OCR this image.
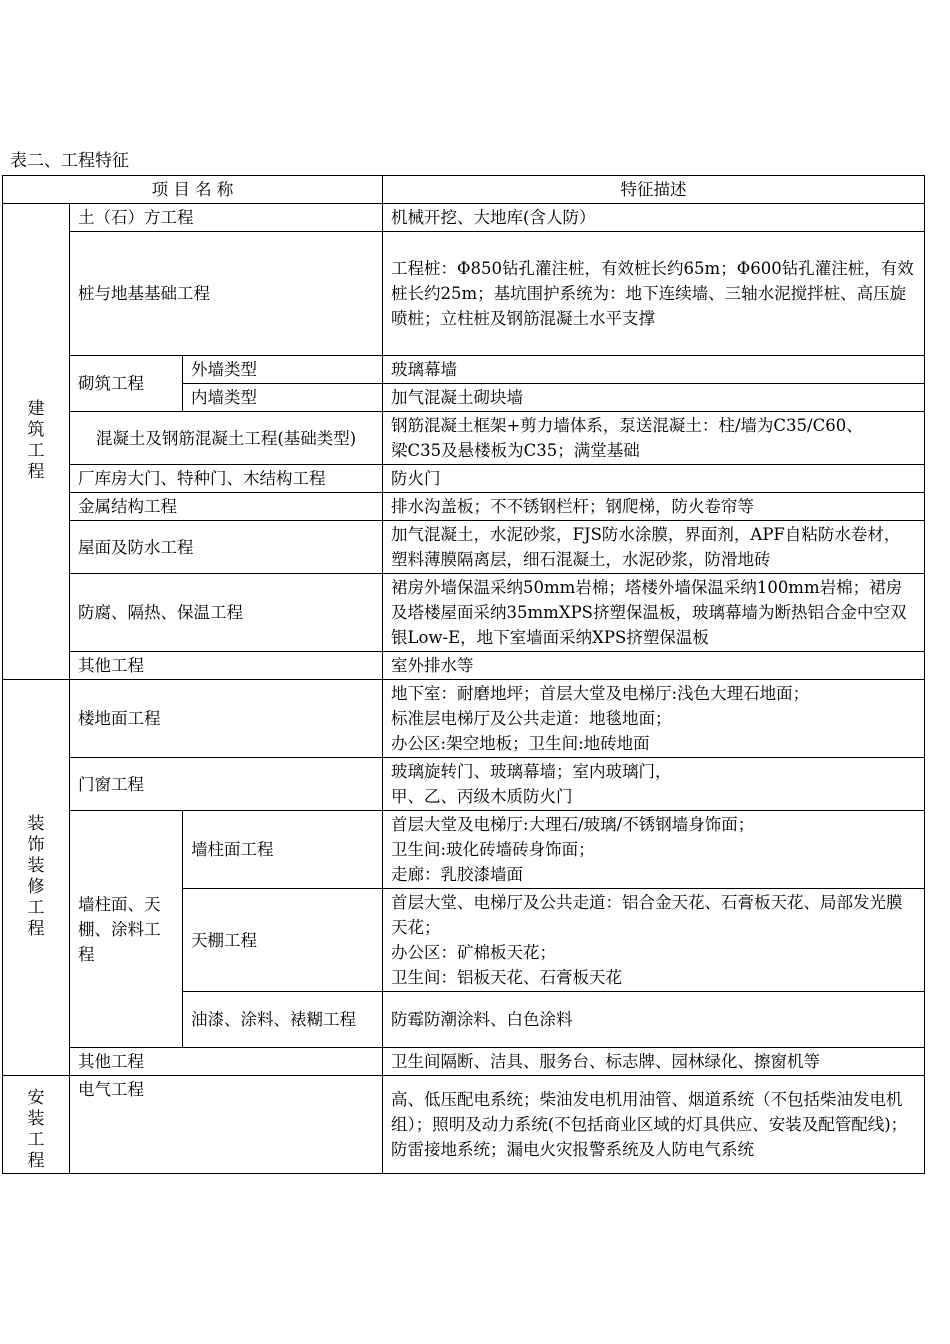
表二、工程特征
项 目 名 称			特征描述
建筑工程	土（石）方工程		机械开挖、大地库(含人防）
	桩与地基基础工程		工程桩：Φ850钻孔灌注桩，有效桩长约65m；Φ600钻孔灌注桩，有效桩长约25m；基坑围护系统为：地下连续墙、三轴水泥搅拌桩、高压旋喷桩；立柱桩及钢筋混凝土水平支撑
	砌筑工程	外墙类型	玻璃幕墙
		内墙类型	加气混凝土砌块墙
	混凝土及钢筋混凝土工程(基础类型)		钢筋混凝土框架+剪力墙体系，泵送混凝土：柱/墙为C35/C60、
梁C35及悬楼板为C35；满堂基础

	厂库房大门、特种门、木结构工程		防火门
	金属结构工程		排水沟盖板；不不锈钢栏杆；钢爬梯，防火卷帘等
	屋面及防水工程		加气混凝土，水泥砂浆，FJS防水涂膜，界面剂，APF自粘防水卷材，塑料薄膜隔离层，细石混凝土，水泥砂浆，防滑地砖
	防腐、隔热、保温工程		裙房外墙保温采纳50mm岩棉；塔楼外墙保温采纳100mm岩棉；裙房及塔楼屋面采纳35mmXPS挤塑保温板，玻璃幕墙为断热铝合金中空双银Low-E，地下室墙面采纳XPS挤塑保温板
	其他工程		室外排水等
装饰装修工程	楼地面工程		地下室：耐磨地坪；首层大堂及电梯厅:浅色大理石地面；
标准层电梯厅及公共走道：地毯地面；
办公区:架空地板；卫生间:地砖地面

	门窗工程		玻璃旋转门、玻璃幕墙；室内玻璃门，
甲、乙、丙级木质防火门

	墙柱面、天棚、涂料工程	墙柱面工程	首层大堂及电梯厅:大理石/玻璃/不锈钢墙身饰面；
卫生间:玻化砖墙砖身饰面；
走廊：乳胶漆墙面

		天棚工程	首层大堂、电梯厅及公共走道：铝合金天花、石膏板天花、局部发光膜天花；
办公区：矿棉板天花；
卫生间：铝板天花、石膏板天花

		油漆、涂料、裱糊工程	防霉防潮涂料、白色涂料
	其他工程		卫生间隔断、洁具、服务台、标志牌、园林绿化、擦窗机等
安装工程	电气工程		高、低压配电系统；柴油发电机用油管、烟道系统（不包括柴油发电机组）；照明及动力系统(不包括商业区域的灯具供应、安装及配管配线)；防雷接地系统；漏电火灾报警系统及人防电气系统
